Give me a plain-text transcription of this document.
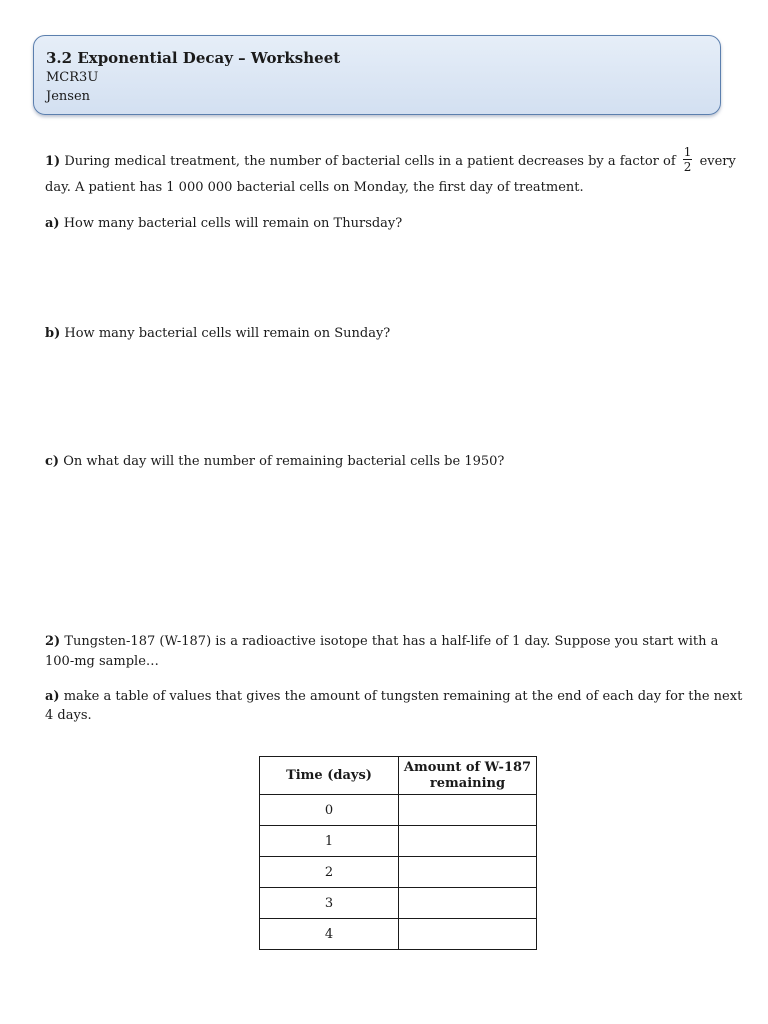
3.2 Exponential Decay – Worksheet
MCR3U
Jensen
1) During medical treatment, the number of bacterial cells in a patient decreases by a factor of $\frac{1}{2}$ every
day. A patient has 1 000 000 bacterial cells on Monday, the first day of treatment.
a) How many bacterial cells will remain on Thursday?
b) How many bacterial cells will remain on Sunday?
c) On what day will the number of remaining bacterial cells be 1950?
2) Tungsten-187 (W-187) is a radioactive isotope that has a half-life of 1 day. Suppose you start with a
100-mg sample…
a) make a table of values that gives the amount of tungsten remaining at the end of each day for the next
4 days.
Time (days)	Amount of W-187
remaining
0	
1	
2	
3	
4	
